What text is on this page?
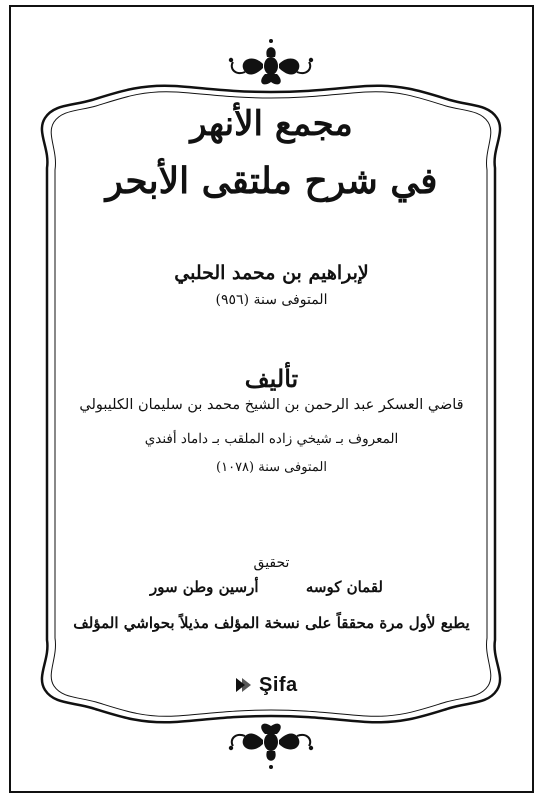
مجمع الأنهر
في شرح ملتقى الأبحر
لإبراهيم بن محمد الحلبي
المتوفى سنة (٩٥٦)
تأليف
قاضي العسكر عبد الرحمن بن الشيخ محمد بن سليمان الكليبولي
المعروف بـ شيخي زاده الملقب بـ داماد أفندي
المتوفى سنة (١٠٧٨)
تحقيق
لقمان كوسه
أرسين وطن سور
يطبع لأول مرة محققاً على نسخة المؤلف مذيلاً بحواشي المؤلف
Şifa
